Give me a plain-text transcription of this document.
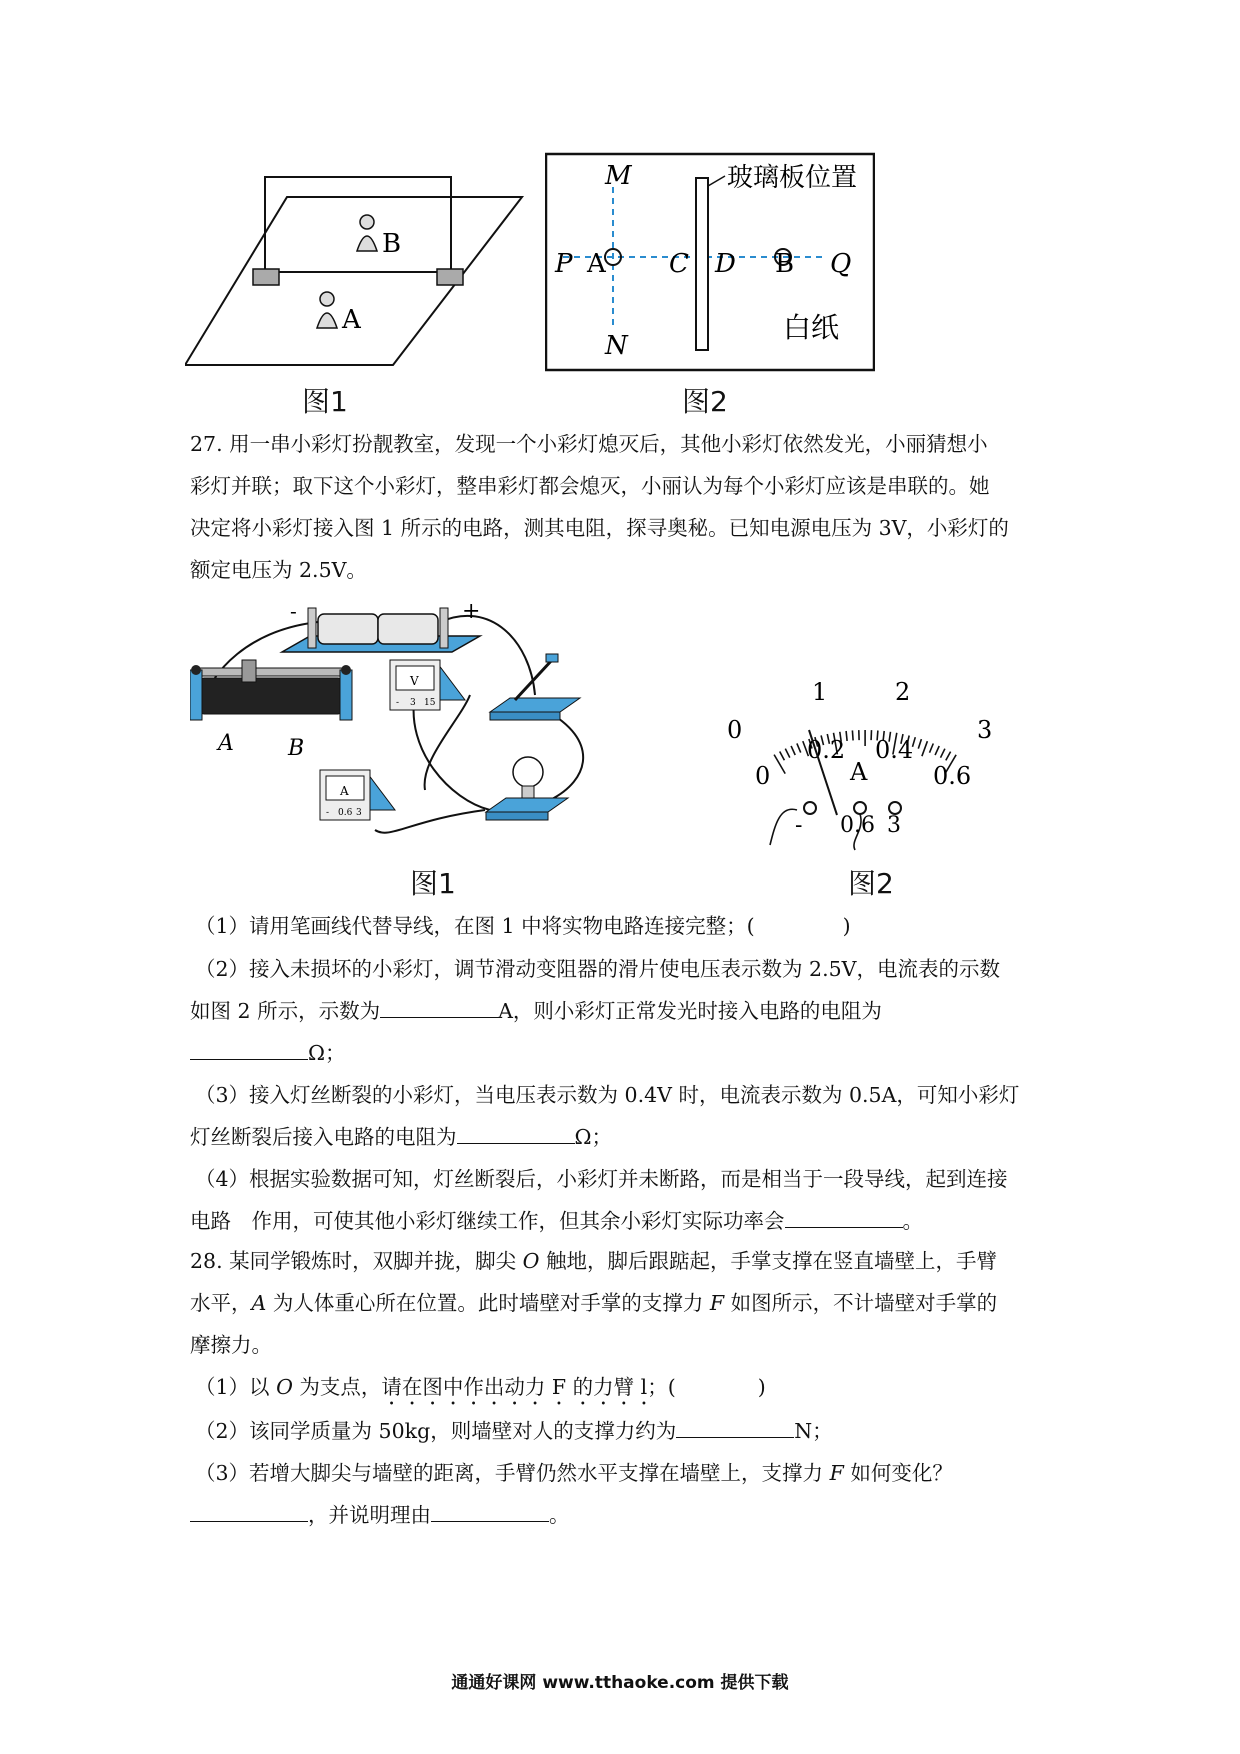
B
A
图1
玻璃板位置
M
N
P A C D B Q
白纸
图2

27. 用一串小彩灯扮靓教室，发现一个小彩灯熄灭后，其他小彩灯依然发光，小丽猜想小

彩灯并联；取下这个小彩灯，整串彩灯都会熄灭，小丽认为每个小彩灯应该是串联的。她

决定将小彩灯接入图 1 所示的电路，测其电阻，探寻奥秘。已知电源电压为 3V，小彩灯的

额定电压为 2.5V。

-	+
A B
V
- 3 15
A
- 0.6 3
图1
0
1	2
3
0
0.2 0.4
0.6
A
- 0.6 3
图2

（1）请用笔画线代替导线，在图 1 中将实物电路连接完整；(	)

（2）接入未损坏的小彩灯，调节滑动变阻器的滑片使电压表示数为 2.5V，电流表的示数

如图 2 所示，示数为	A，则小彩灯正常发光时接入电路的电阻为

Ω；

（3）接入灯丝断裂的小彩灯，当电压表示数为 0.4V 时，电流表示数为 0.5A，可知小彩灯

灯丝断裂后接入电路的电阻为	Ω；

（4）根据实验数据可知，灯丝断裂后，小彩灯并未断路，而是相当于一段导线，起到连接

电路　作用，可使其他小彩灯继续工作，但其余小彩灯实际功率会	。

28. 某同学锻炼时，双脚并拢，脚尖 O 触地，脚后跟踮起，手掌支撑在竖直墙壁上，手臂

水平，A 为人体重心所在位置。此时墙壁对手掌的支撑力 F 如图所示，不计墙壁对手掌的

摩擦力。

（1）以 O 为支点，请在图中作出动力 F 的力臂 l；(	)

（2）该同学质量为 50kg，则墙壁对人的支撑力约为	N；

（3）若增大脚尖与墙壁的距离，手臂仍然水平支撑在墙壁上，支撑力 F 如何变化？

，并说明理由	。

通通好课网 www.tthaoke.com 提供下载
